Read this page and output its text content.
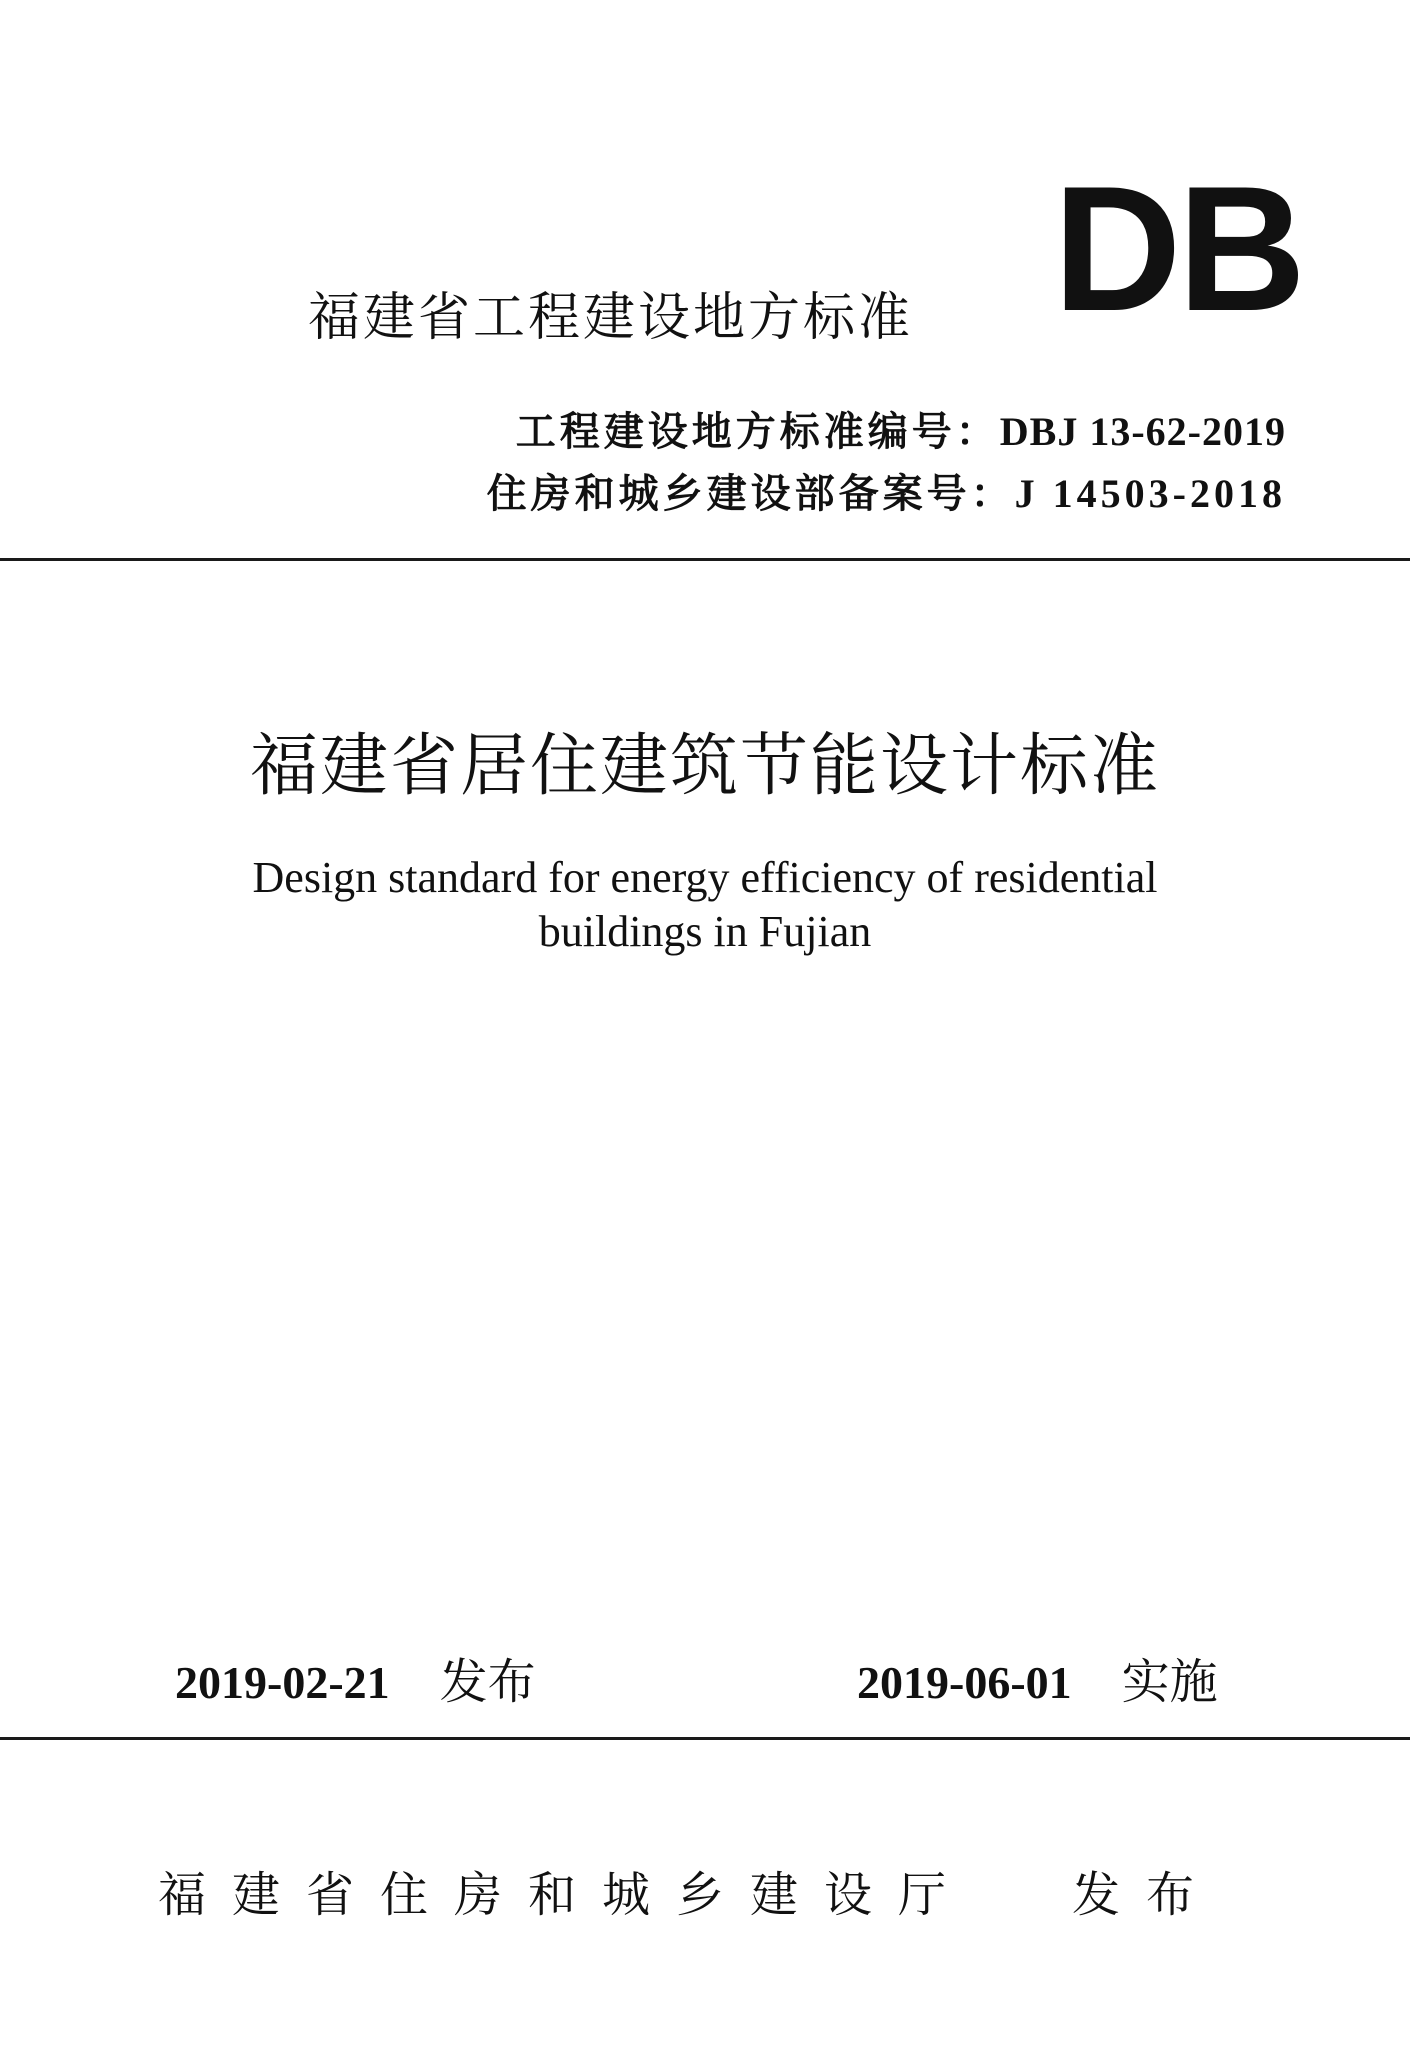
福建省工程建设地方标准 DB
工程建设地方标准编号：DBJ 13-62-2019
住房和城乡建设部备案号：J 14503-2018
福建省居住建筑节能设计标准
Design standard for energy efficiency of residential
buildings in Fujian
2019-02-21 发布	2019-06-01 实施
福建省住房和城乡建设厅 发布
